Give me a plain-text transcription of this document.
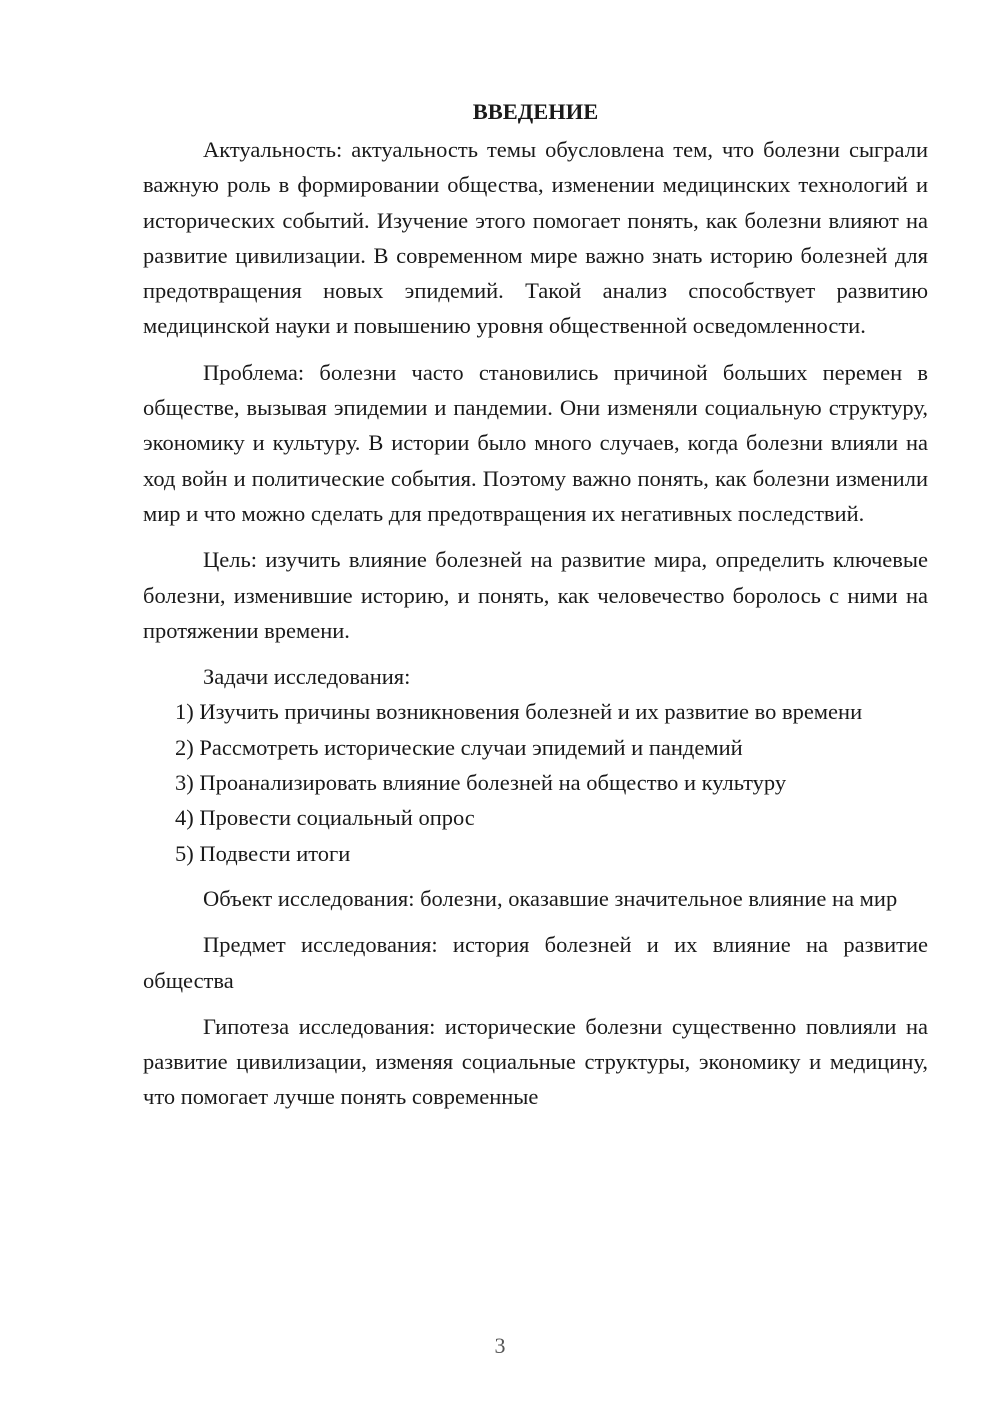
ВВЕДЕНИЕ

Актуальность: актуальность темы обусловлена тем, что болезни сыграли важную роль в формировании общества, изменении медицинских технологий и исторических событий. Изучение этого помогает понять, как болезни влияют на развитие цивилизации. В современном мире важно знать историю болезней для предотвращения новых эпидемий. Такой анализ способствует развитию медицинской науки и повышению уровня общественной осведомленности.

Проблема: болезни часто становились причиной больших перемен в обществе, вызывая эпидемии и пандемии. Они изменяли социальную структуру, экономику и культуру. В истории было много случаев, когда болезни влияли на ход войн и политические события. Поэтому важно понять, как болезни изменили мир и что можно сделать для предотвращения их негативных последствий.

Цель: изучить влияние болезней на развитие мира, определить ключевые болезни, изменившие историю, и понять, как человечество боролось с ними на протяжении времени.

Задачи исследования:

1) Изучить причины возникновения болезней и их развитие во времени

2) Рассмотреть исторические случаи эпидемий и пандемий

3) Проанализировать влияние болезней на общество и культуру

4) Провести социальный опрос

5) Подвести итоги

Объект исследования: болезни, оказавшие значительное влияние на мир

Предмет исследования: история болезней и их влияние на развитие общества

Гипотеза исследования: исторические болезни существенно повлияли на развитие цивилизации, изменяя социальные структуры, экономику и медицину, что помогает лучше понять современные

3
